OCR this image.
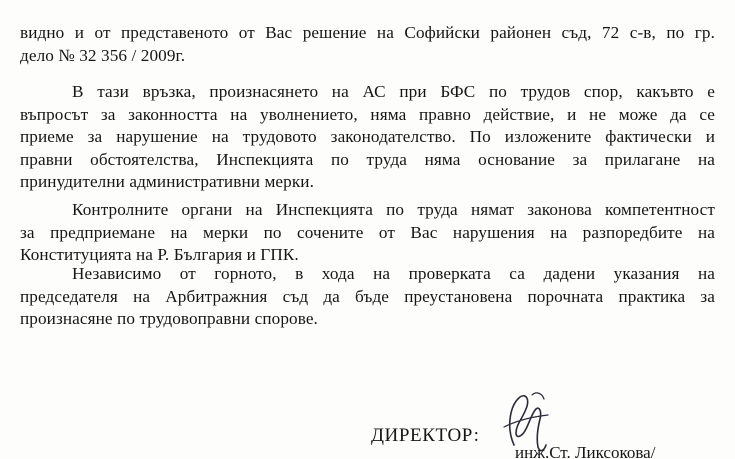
видно и от представеното от Вас решение на Софийски районен съд, 72 с-в, по гр.
дело № 32 356 / 2009г.
В тази връзка, произнасянето на АС при БФС по трудов спор, какъвто е
въпросът за законността на уволнението, няма правно действие, и не може да се
приеме за нарушение на трудовото законодателство. По изложените фактически и
правни обстоятелства, Инспекцията по труда няма основание за прилагане на
принудителни административни мерки.
Контролните органи на Инспекцията по труда нямат законова компетентност
за предприемане на мерки по сочените от Вас нарушения на разпоредбите на
Конституцията на Р. България и ГПК.
Независимо от горното, в хода на проверката са дадени указания на
председателя на Арбитражния съд да бъде преустановена порочната практика за
произнасяне по трудовоправни спорове.
ДИРЕКТОР:
инж.Ст. Ликсокова/
